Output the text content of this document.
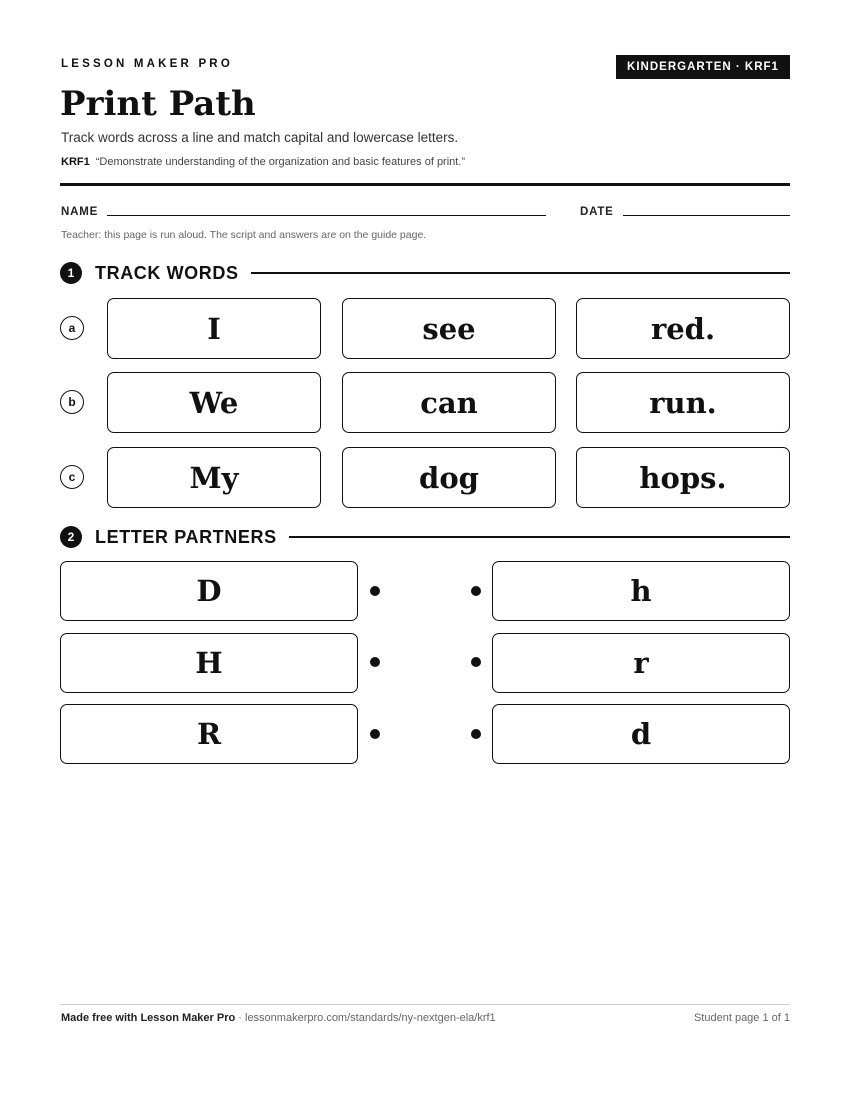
LESSON MAKER PRO	KINDERGARTEN · KRF1
Print Path
Track words across a line and match capital and lowercase letters.
KRF1 “Demonstrate understanding of the organization and basic features of print.”
NAME	DATE
Teacher: this page is run aloud. The script and answers are on the guide page.
1	TRACK WORDS
a	I	see	red.
b	We	can	run.
c	My	dog	hops.
2	LETTER PARTNERS
D	h
H	r
R	d
Made free with Lesson Maker Pro · lessonmakerpro.com/standards/ny-nextgen-ela/krf1	Student page 1 of 1
